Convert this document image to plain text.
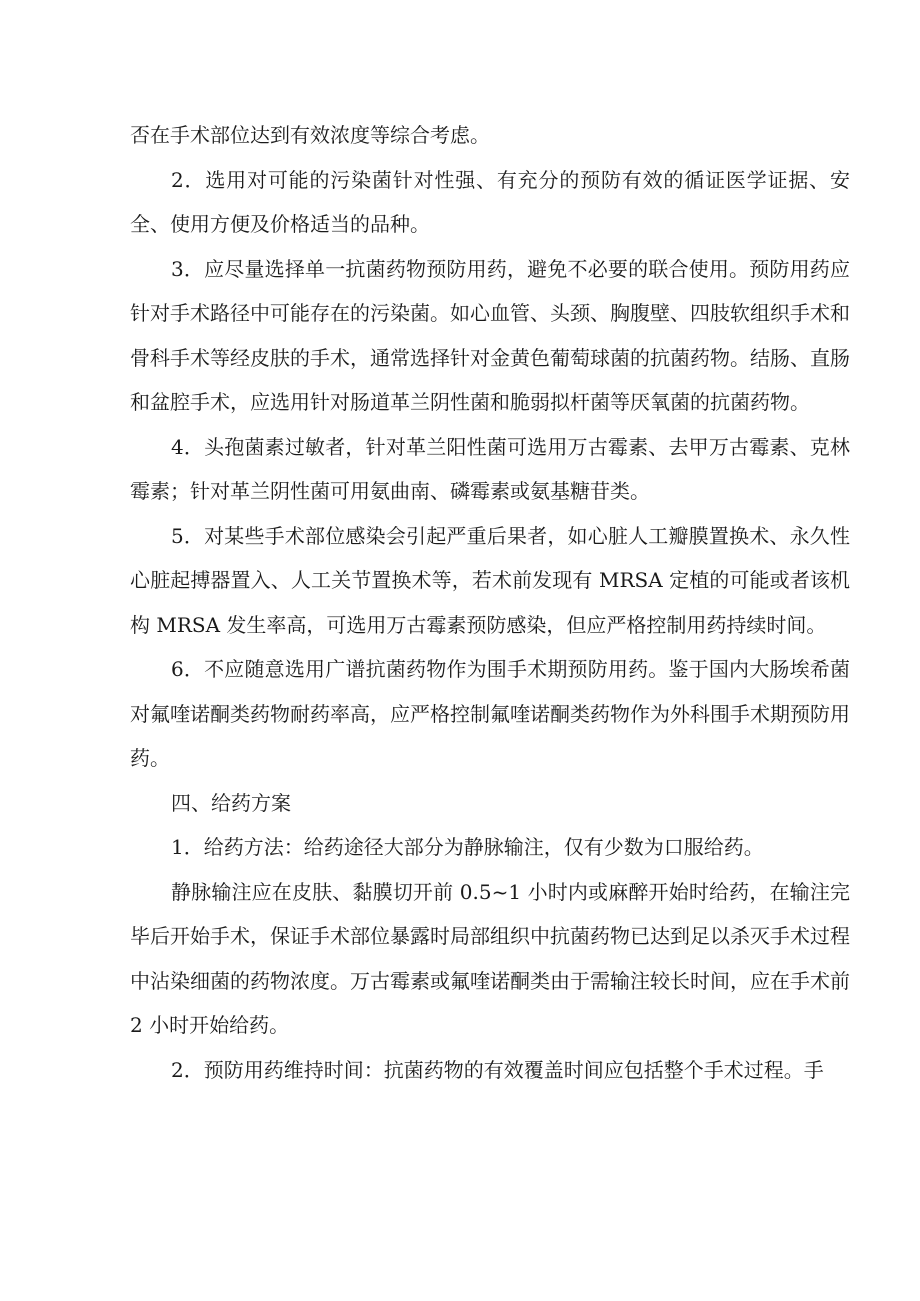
否在手术部位达到有效浓度等综合考虑。

2．选用对可能的污染菌针对性强、有充分的预防有效的循证医学证据、安全、使用方便及价格适当的品种。

3．应尽量选择单一抗菌药物预防用药，避免不必要的联合使用。预防用药应针对手术路径中可能存在的污染菌。如心血管、头颈、胸腹壁、四肢软组织手术和骨科手术等经皮肤的手术，通常选择针对金黄色葡萄球菌的抗菌药物。结肠、直肠和盆腔手术，应选用针对肠道革兰阴性菌和脆弱拟杆菌等厌氧菌的抗菌药物。

4．头孢菌素过敏者，针对革兰阳性菌可选用万古霉素、去甲万古霉素、克林霉素；针对革兰阴性菌可用氨曲南、磷霉素或氨基糖苷类。

5．对某些手术部位感染会引起严重后果者，如心脏人工瓣膜置换术、永久性心脏起搏器置入、人工关节置换术等，若术前发现有 MRSA 定植的可能或者该机构 MRSA 发生率高，可选用万古霉素预防感染，但应严格控制用药持续时间。

6．不应随意选用广谱抗菌药物作为围手术期预防用药。鉴于国内大肠埃希菌对氟喹诺酮类药物耐药率高，应严格控制氟喹诺酮类药物作为外科围手术期预防用药。

四、给药方案

1．给药方法：给药途径大部分为静脉输注，仅有少数为口服给药。

静脉输注应在皮肤、黏膜切开前 0.5~1 小时内或麻醉开始时给药，在输注完毕后开始手术，保证手术部位暴露时局部组织中抗菌药物已达到足以杀灭手术过程中沾染细菌的药物浓度。万古霉素或氟喹诺酮类由于需输注较长时间，应在手术前 2 小时开始给药。

2．预防用药维持时间：抗菌药物的有效覆盖时间应包括整个手术过程。手
